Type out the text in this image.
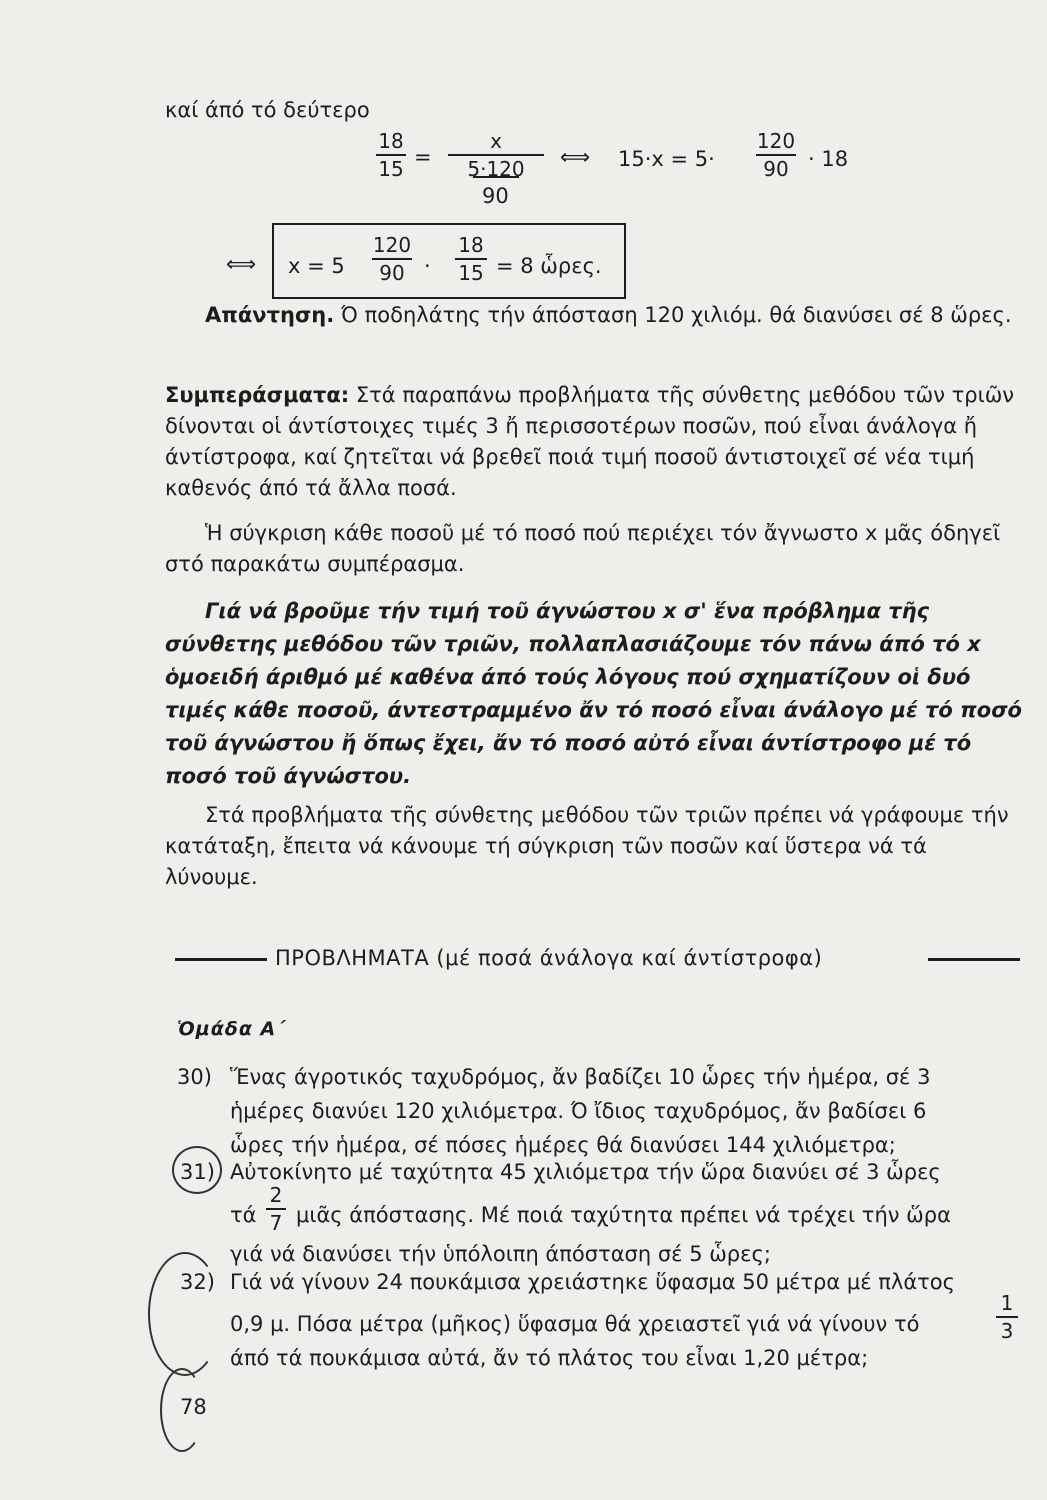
καί άπό τό δεύτερο
18
15 =
x
5·120
90
⟺ 15·x = 5·
120
90 · 18
⟺ x = 5
120
90 ·
18
15 = 8 ὧρες.
Απάντηση. Ό ποδηλάτης τήν άπόσταση 120 χιλιόμ. θά διανύσει σέ 8 ὥρες.
Συμπεράσματα: Στά παραπάνω προβλήματα τῆς σύνθετης μεθόδου τῶν τριῶν δίνονται οἱ άντίστοιχες τιμές 3 ἤ περισσοτέρων ποσῶν, πού εἶναι άνάλογα ἤ άντίστροφα, καί ζητεῖται νά βρεθεῖ ποιά τιμή ποσοῦ άντιστοιχεῖ σέ νέα τιμή καθενός άπό τά ἄλλα ποσά.
Ἡ σύγκριση κάθε ποσοῦ μέ τό ποσό πού περιέχει τόν ἄγνωστο x μᾶς όδηγεῖ στό παρακάτω συμπέρασμα.
Γιά νά βροῦμε τήν τιμή τοῦ άγνώστου x σ' ἕνα πρόβλημα τῆς σύνθετης μεθόδου τῶν τριῶν, πολλαπλασιάζουμε τόν πάνω άπό τό x ὁμοειδή άριθμό μέ καθένα άπό τούς λόγους πού σχηματίζουν οἱ δυό τιμές κάθε ποσοῦ, άντεστραμμένο ἄν τό ποσό εἶναι άνάλογο μέ τό ποσό τοῦ άγνώστου ἤ ὅπως ἔχει, ἄν τό ποσό αὐτό εἶναι άντίστροφο μέ τό ποσό τοῦ άγνώστου.
Στά προβλήματα τῆς σύνθετης μεθόδου τῶν τριῶν πρέπει νά γράφουμε τήν κατάταξη, ἔπειτα νά κάνουμε τή σύγκριση τῶν ποσῶν καί ὕστερα νά τά λύνουμε.
ΠΡΟΒΛΗΜΑΤΑ (μέ ποσά άνάλογα καί άντίστροφα)
Ὁμάδα Α΄
30) Ἕνας άγροτικός ταχυδρόμος, ἄν βαδίζει 10 ὧρες τήν ἡμέρα, σέ 3
ἡμέρες διανύει 120 χιλιόμετρα. Ό ἴδιος ταχυδρόμος, ἄν βαδίσει 6
ὧρες τήν ἡμέρα, σέ πόσες ἡμέρες θά διανύσει 144 χιλιόμετρα;
31) Αὐτοκίνητο μέ ταχύτητα 45 χιλιόμετρα τήν ὥρα διανύει σέ 3 ὧρες
τά
2
7 μιᾶς άπόστασης. Μέ ποιά ταχύτητα πρέπει νά τρέχει τήν ὥρα
γιά νά διανύσει τήν ὑπόλοιπη άπόσταση σέ 5 ὧρες;
32) Γιά νά γίνουν 24 πουκάμισα χρειάστηκε ὕφασμα 50 μέτρα μέ πλάτος
0,9 μ. Πόσα μέτρα (μῆκος) ὕφασμα θά χρειαστεῖ γιά νά γίνουν τό
1
3
άπό τά πουκάμισα αὐτά, ἄν τό πλάτος του εἶναι 1,20 μέτρα;
78
